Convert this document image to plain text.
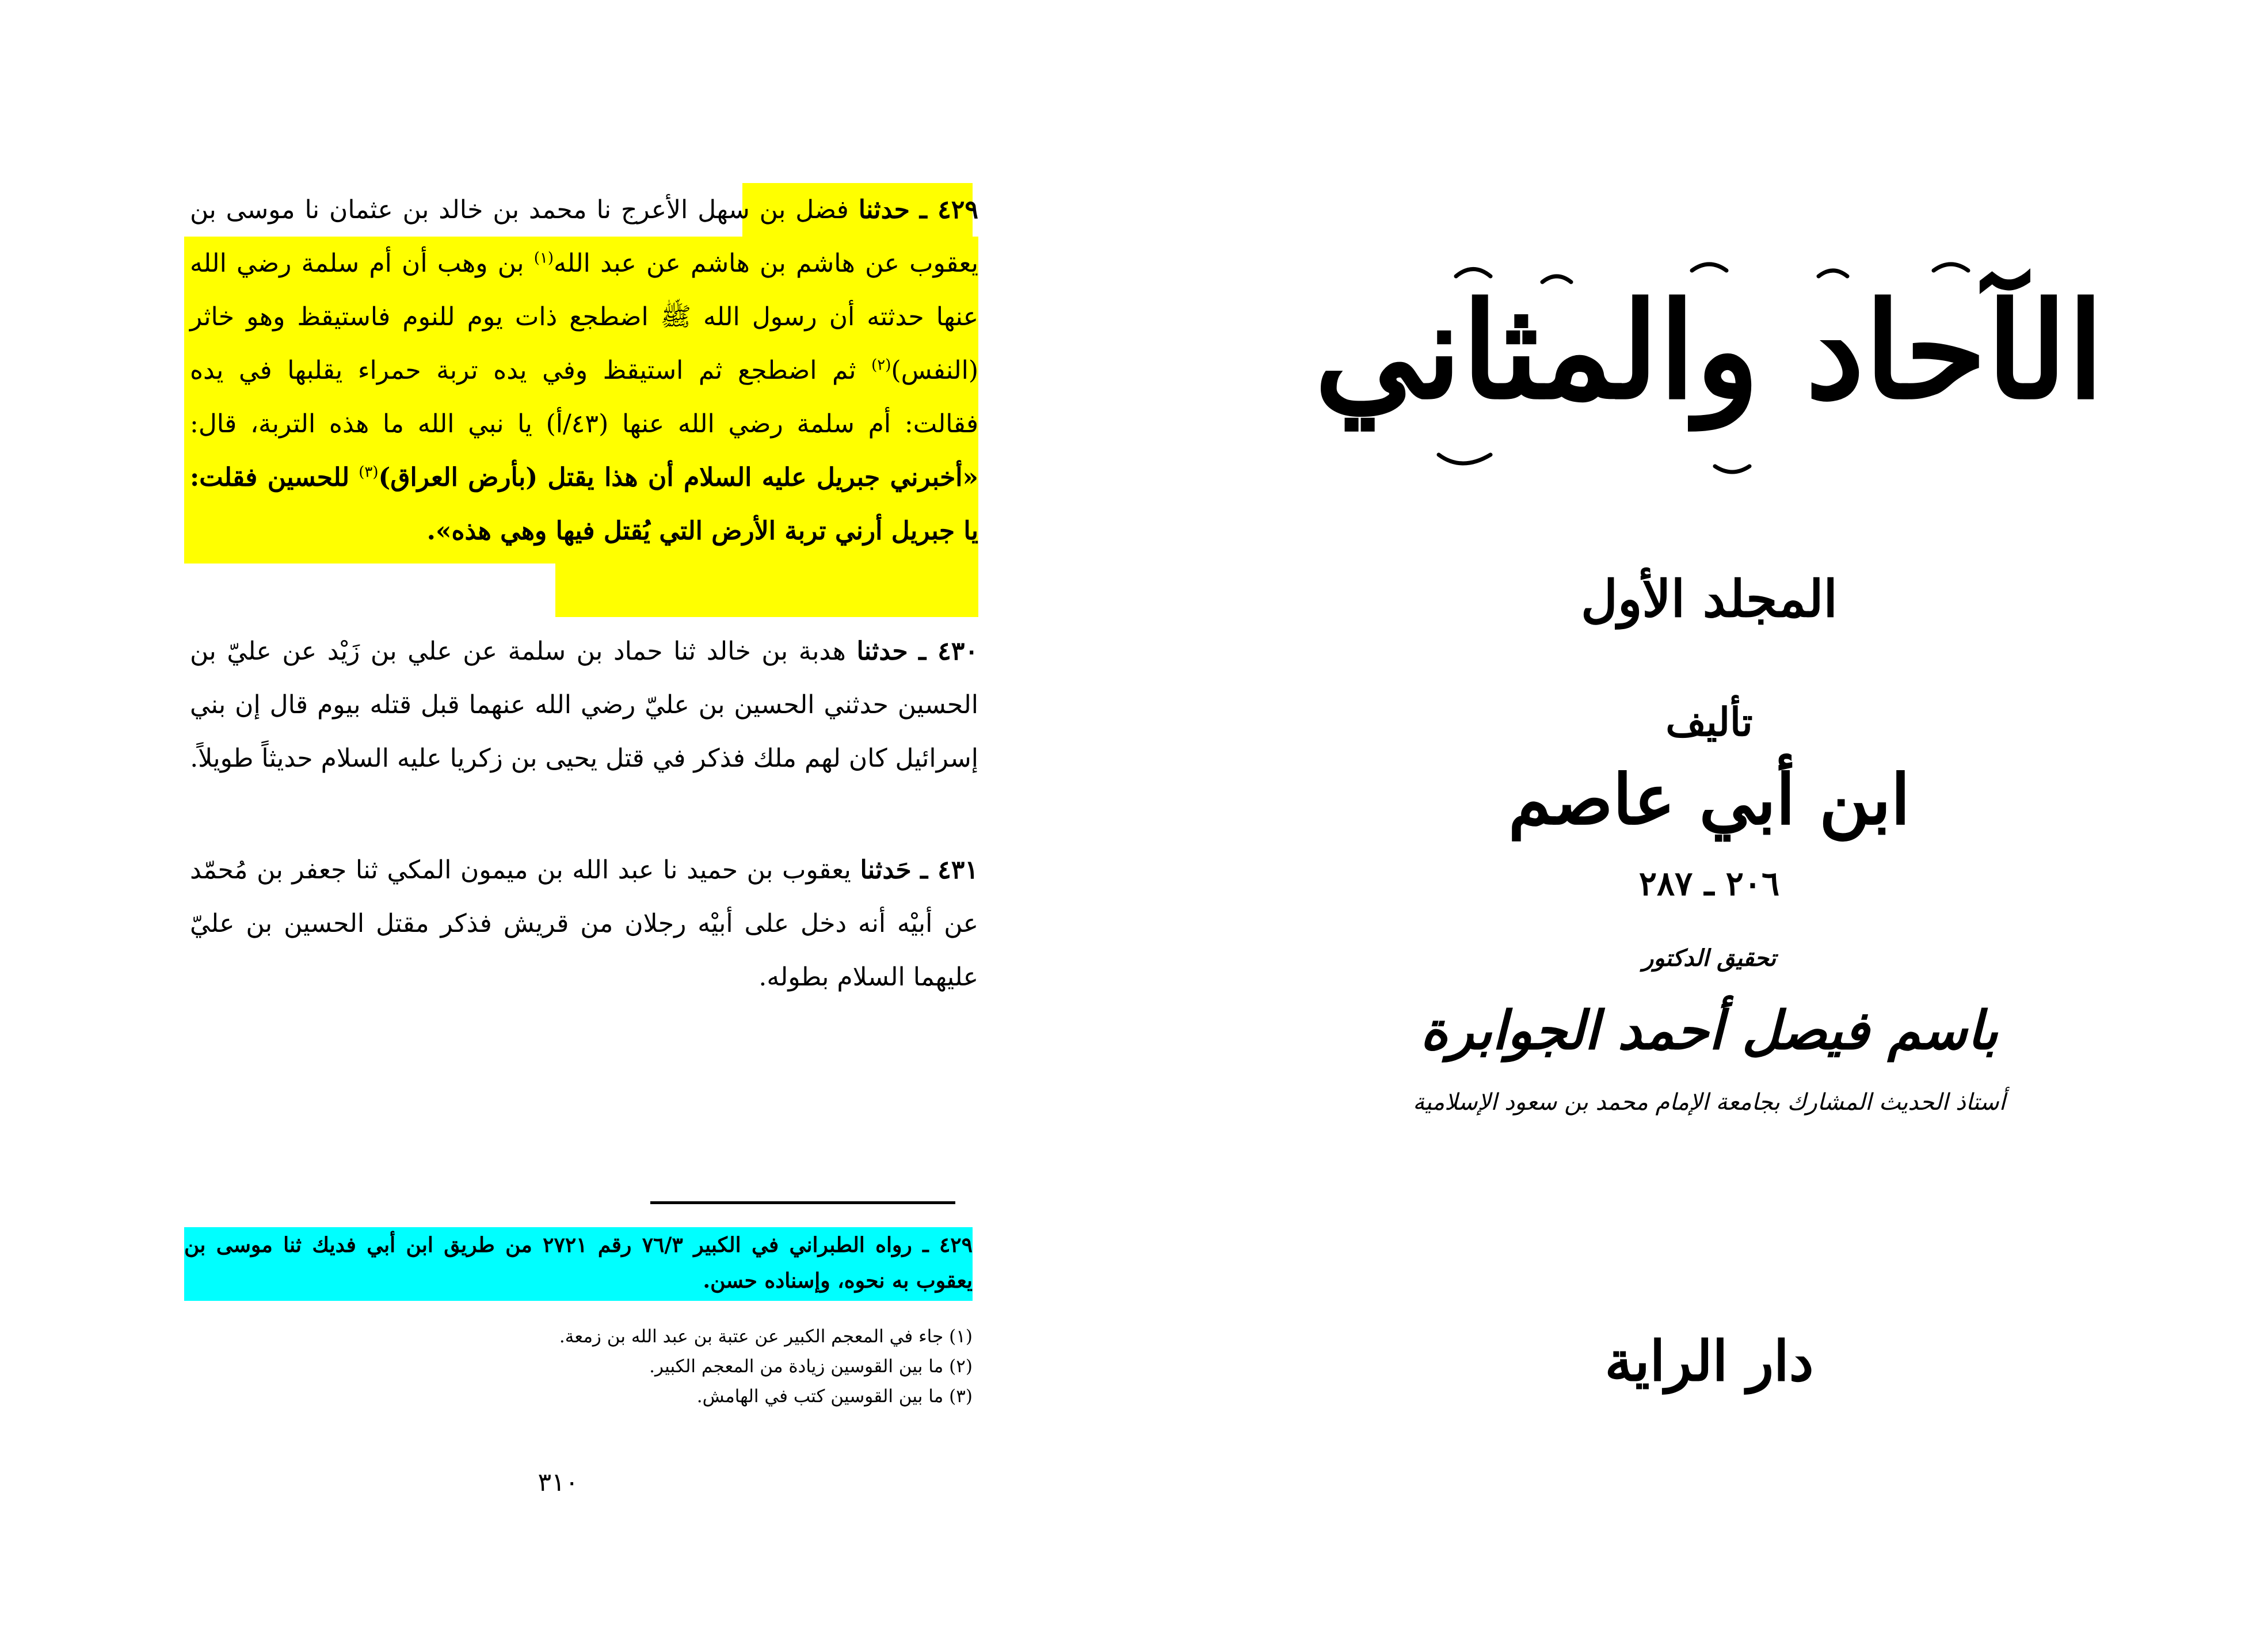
٤٢٩ ـ حدثنا فضل بن سهل الأعرج نا محمد بن خالد بن عثمان نا موسى بن يعقوب عن هاشم بن هاشم عن عبد الله$^{(١)}$ بن وهب أن أم سلمة رضي الله عنها حدثته أن رسول الله ﷺ اضطجع ذات يوم للنوم فاستيقظ وهو خاثر (النفس)$^{(٢)}$ ثم اضطجع ثم استيقظ وفي يده تربة حمراء يقلبها في يده فقالت: أم سلمة رضي الله عنها (٤٣/أ) يا نبي الله ما هذه التربة، قال: «أخبرني جبريل عليه السلام أن هذا يقتل (بأرض العراق)$^{(٣)}$ للحسين فقلت: يا جبريل أرني تربة الأرض التي يُقتل فيها وهي هذه».

٤٣٠ ـ حدثنا هدبة بن خالد ثنا حماد بن سلمة عن علي بن زَيْد عن عليّ بن الحسين حدثني الحسين بن عليّ رضي الله عنهما قبل قتله بيوم قال إن بني إسرائيل كان لهم ملك فذكر في قتل يحيى بن زكريا عليه السلام حديثاً طويلاً.

٤٣١ ـ حَدثنا يعقوب بن حميد نا عبد الله بن ميمون المكي ثنا جعفر بن مُحمّد عن أبيْه أنه دخل على أبيْه رجلان من قريش فذكر مقتل الحسين بن عليّ عليهما السلام بطوله.

٤٢٩ ـ رواه الطبراني في الكبير ٧٦/٣ رقم ٢٧٢١ من طريق ابن أبي فديك ثنا موسى بن يعقوب به نحوه، وإسناده حسن.
(١) جاء في المعجم الكبير عن عتبة بن عبد الله بن زمعة.
(٢) ما بين القوسين زيادة من المعجم الكبير.
(٣) ما بين القوسين كتب في الهامش.
٣١٠
الآحاد والمثاني
المجلد الأول
تأليف
ابن أبي عاصم
٢٠٦ ـ ٢٨٧
تحقيق الدكتور
باسم فيصل أحمد الجوابرة
أستاذ الحديث المشارك بجامعة الإمام محمد بن سعود الإسلامية
دار الراية
